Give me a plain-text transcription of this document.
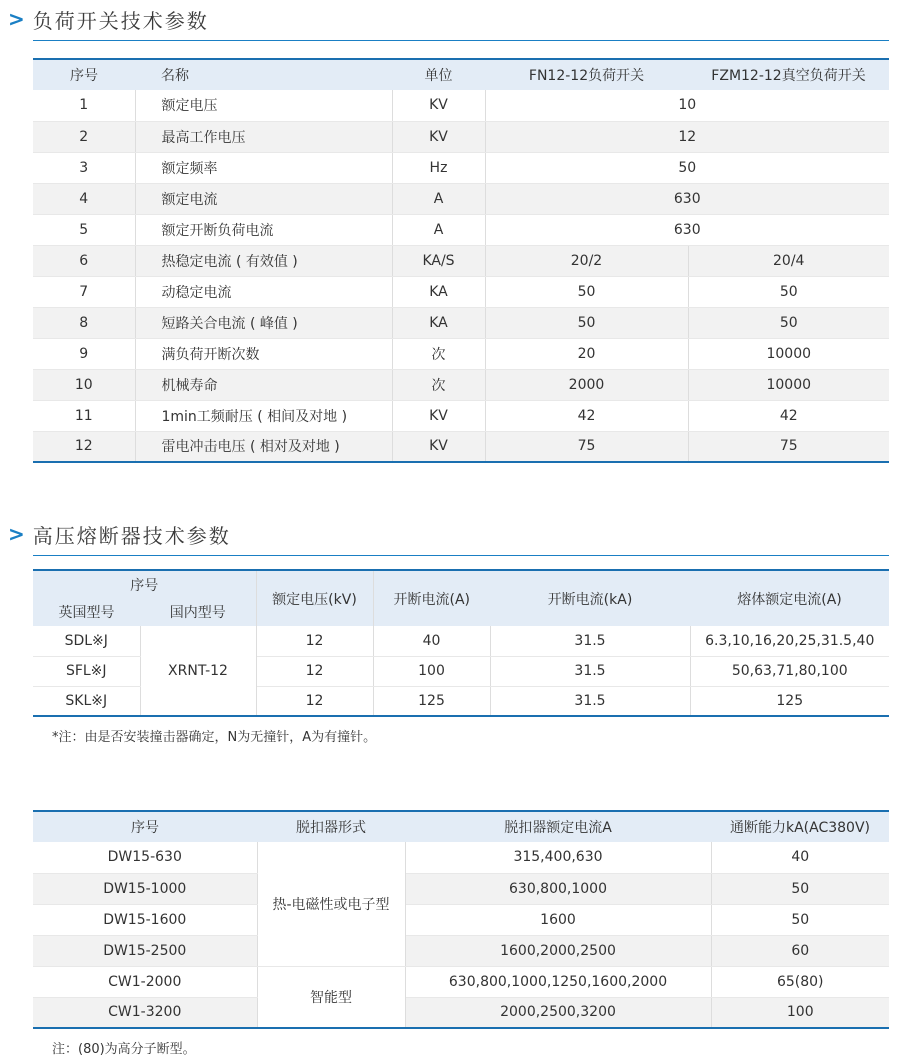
> 负荷开关技术参数
序号	名称	单位	FN12-12负荷开关	FZM12-12真空负荷开关
1	额定电压	KV	10	
2	最高工作电压	KV	12	
3	额定频率	Hz	50	
4	额定电流	A	630	
5	额定开断负荷电流	A	630	
6	热稳定电流 ( 有效值 )	KA/S	20/2	20/4
7	动稳定电流	KA	50	50
8	短路关合电流 ( 峰值 )	KA	50	50
9	满负荷开断次数	次	20	10000
10	机械寿命	次	2000	10000
11	1min工频耐压 ( 相间及对地 )	KV	42	42
12	雷电冲击电压 ( 相对及对地 )	KV	75	75
> 高压熔断器技术参数
序号		额定电压(kV)	开断电流(A)	开断电流(kA)	熔体额定电流(A)
英国型号	国内型号				
SDL※J	XRNT-12	12	40	31.5	6.3,10,16,20,25,31.5,40
SFL※J		12	100	31.5	50,63,71,80,100
SKL※J		12	125	31.5	125
*注：由是否安装撞击器确定，N为无撞针，A为有撞针。
序号	脱扣器形式	脱扣器额定电流A	通断能力kA(AC380V)
DW15-630	热-电磁性或电子型	315,400,630	40
DW15-1000		630,800,1000	50
DW15-1600		1600	50
DW15-2500		1600,2000,2500	60
CW1-2000	智能型	630,800,1000,1250,1600,2000	65(80)
CW1-3200		2000,2500,3200	100
注：(80)为高分子断型。
